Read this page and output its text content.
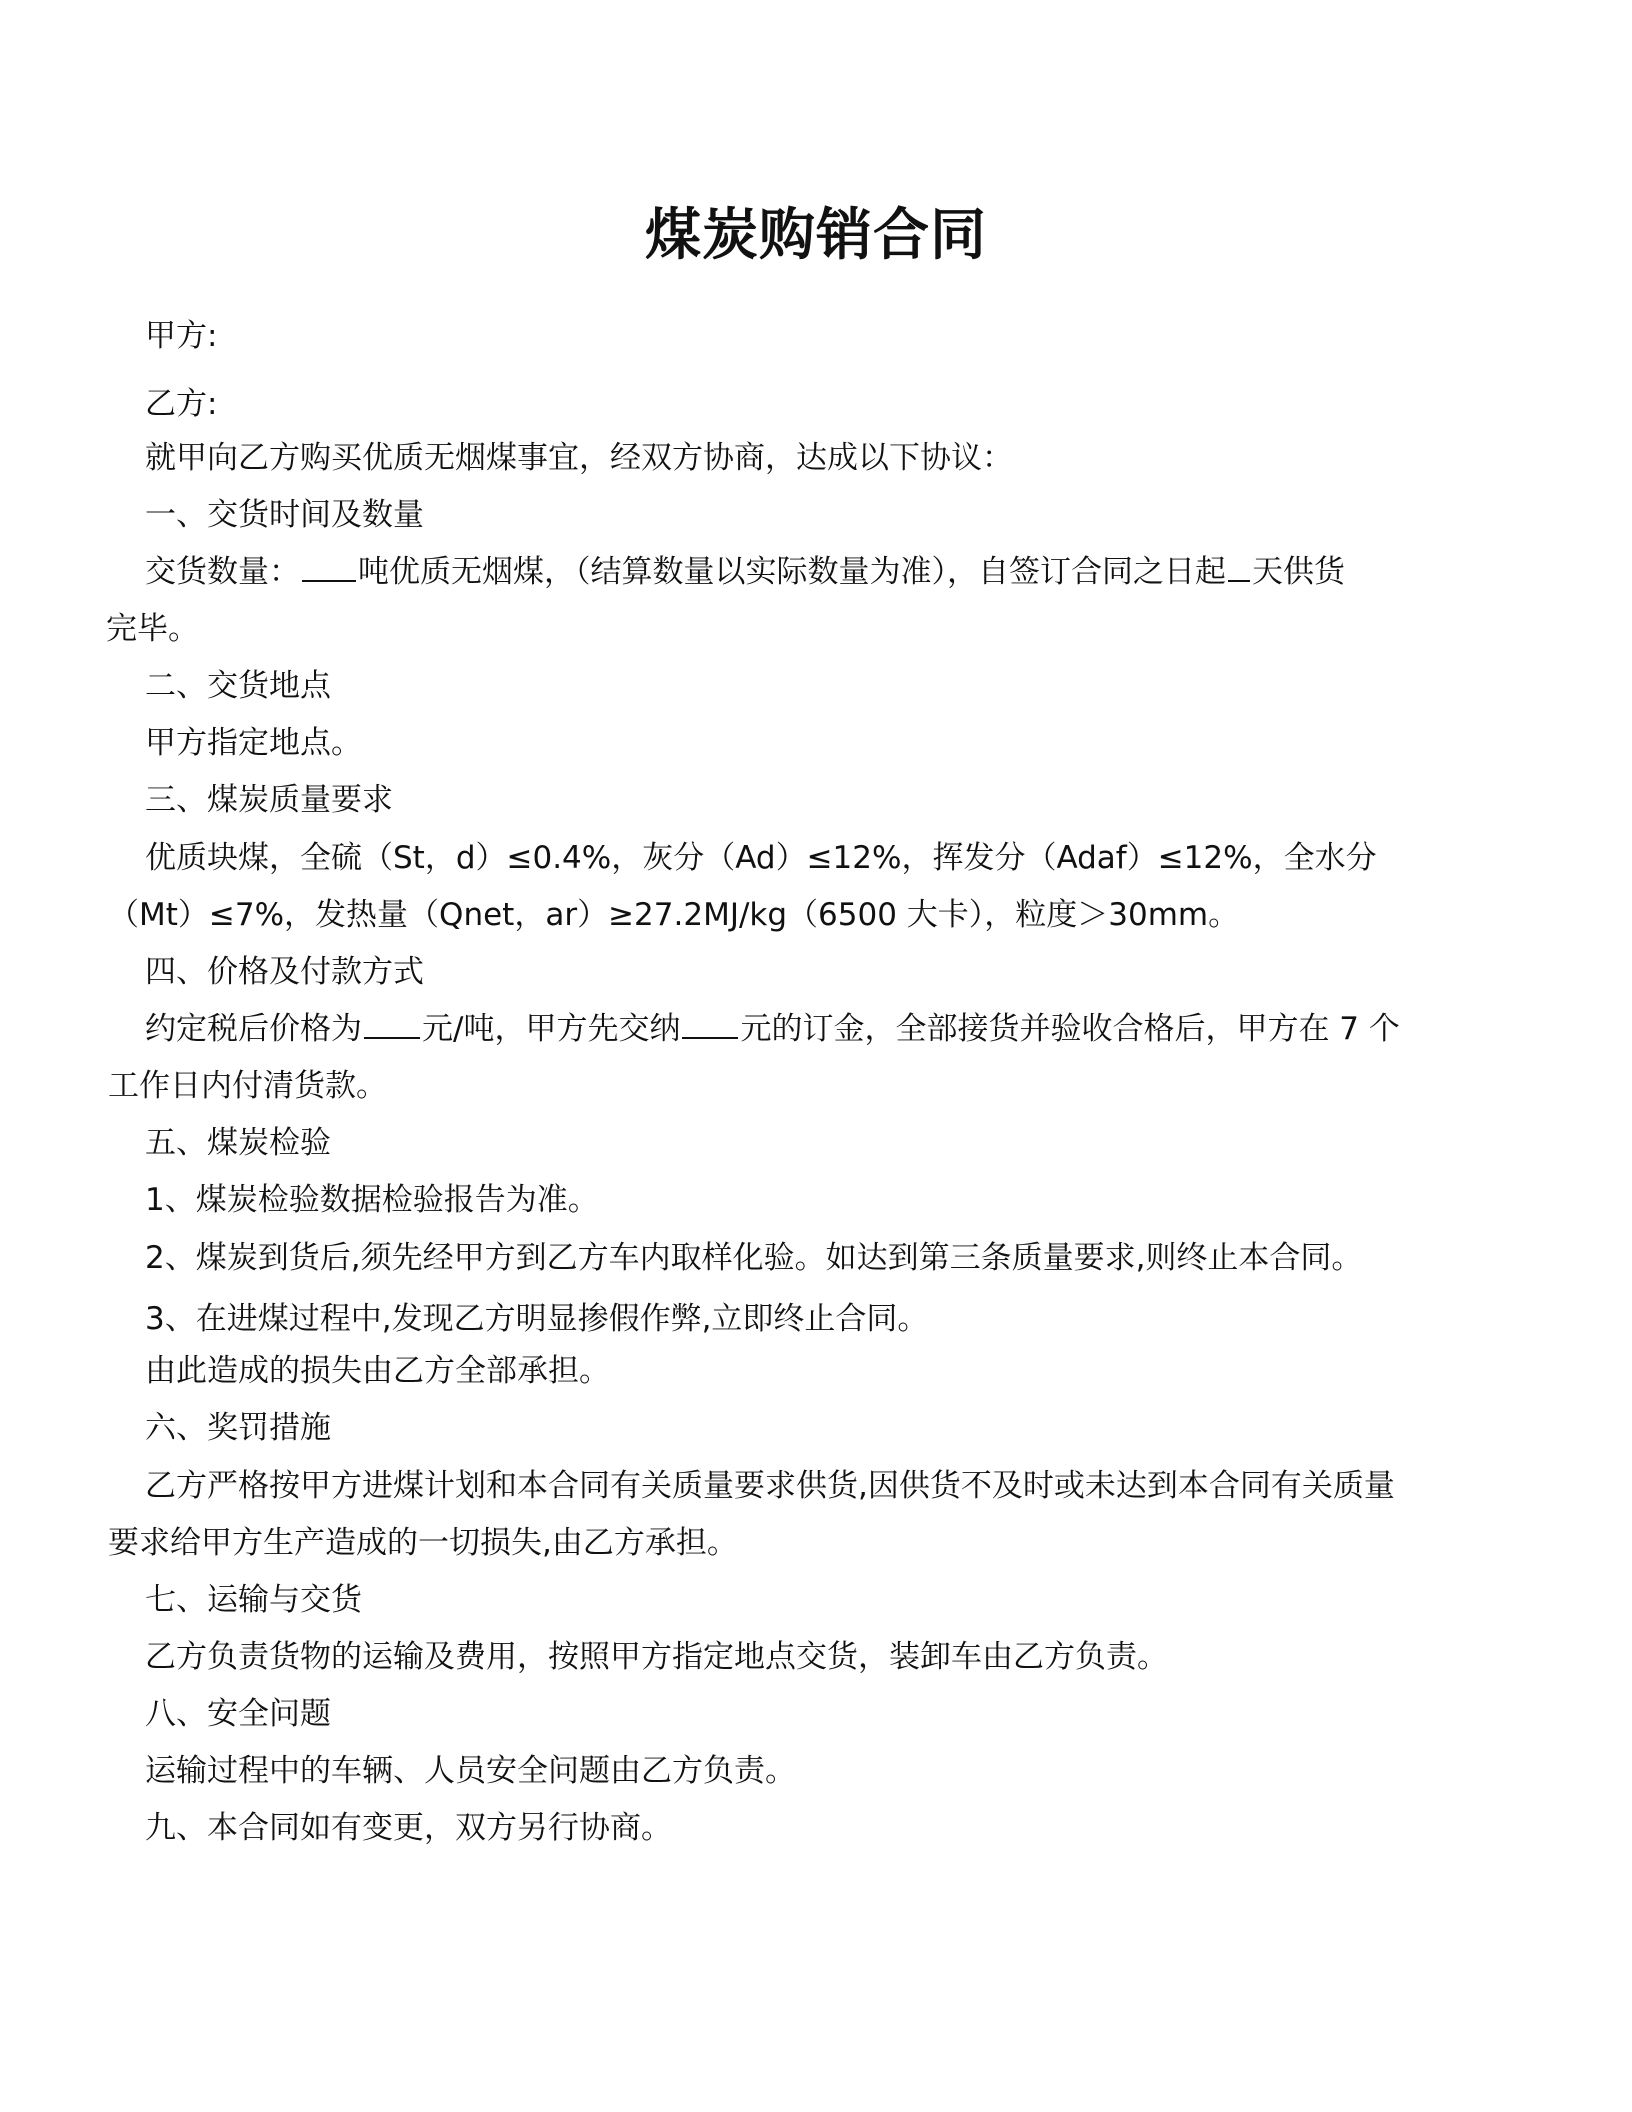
煤炭购销合同
甲方:
乙方:
就甲向乙方购买优质无烟煤事宜，经双方协商，达成以下协议：
一、交货时间及数量
交货数量： 吨优质无烟煤，（结算数量以实际数量为准），自签订合同之日起 天供货
完毕。
二、交货地点
甲方指定地点。
三、煤炭质量要求
优质块煤，全硫（St，d）≤0.4%，灰分（Ad）≤12%，挥发分（Adaf）≤12%，全水分
（Mt）≤7%，发热量（Qnet，ar）≥27.2MJ/kg（6500 大卡），粒度＞30mm。
四、价格及付款方式
约定税后价格为 元/吨，甲方先交纳 元的订金，全部接货并验收合格后，甲方在 7 个
工作日内付清货款。
五、煤炭检验
1、煤炭检验数据检验报告为准。
2、煤炭到货后,须先经甲方到乙方车内取样化验。如达到第三条质量要求,则终止本合同。
3、在进煤过程中,发现乙方明显掺假作弊,立即终止合同。
由此造成的损失由乙方全部承担。
六、奖罚措施
乙方严格按甲方进煤计划和本合同有关质量要求供货,因供货不及时或未达到本合同有关质量
要求给甲方生产造成的一切损失,由乙方承担。
七、运输与交货
乙方负责货物的运输及费用，按照甲方指定地点交货，装卸车由乙方负责。
八、安全问题
运输过程中的车辆、人员安全问题由乙方负责。
九、本合同如有变更，双方另行协商。
